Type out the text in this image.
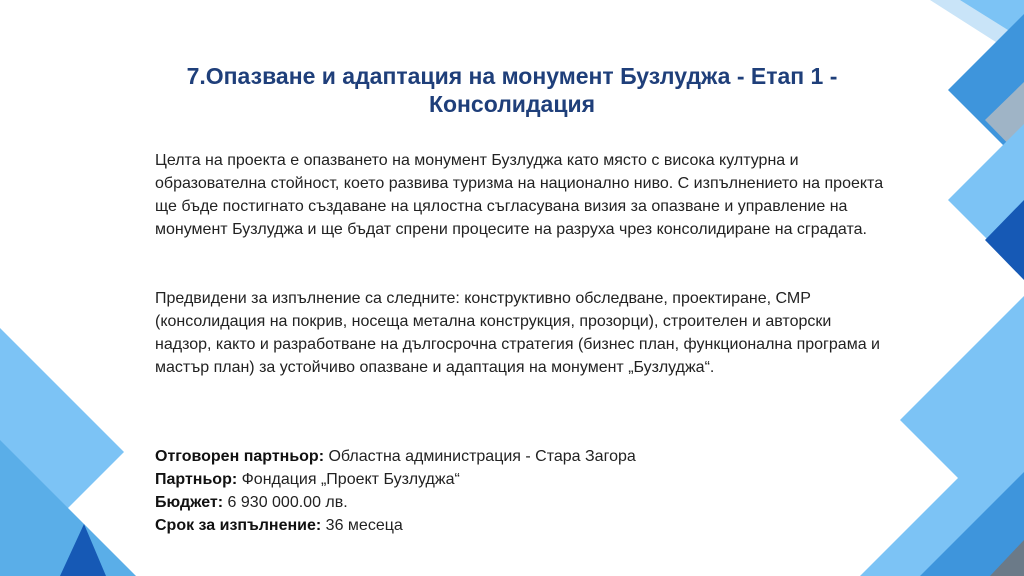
7.Опазване и адаптация на монумент Бузлуджа - Етап 1 - Консолидация

Целта на проекта е опазването на монумент Бузлуджа като място с висока културна и образователна стойност, което развива туризма на национално ниво. С изпълнението на проекта ще бъде постигнато създаване на цялостна съгласувана визия за опазване и управление на монумент Бузлуджа и ще бъдат спрени процесите на разруха чрез консолидиране на сградата.

Предвидени за изпълнение са следните: конструктивно обследване, проектиране, СМР (консолидация на покрив, носеща метална конструкция, прозорци), строителен и авторски надзор, както и разработване на дългосрочна стратегия (бизнес план, функционална програма и мастър план) за устойчиво опазване и адаптация на монумент „Бузлуджа“.

Отговорен партньор: Областна администрация - Стара Загора

Партньор: Фондация „Проект Бузлуджа“

Бюджет: 6 930 000.00 лв.

Срок за изпълнение: 36 месеца
